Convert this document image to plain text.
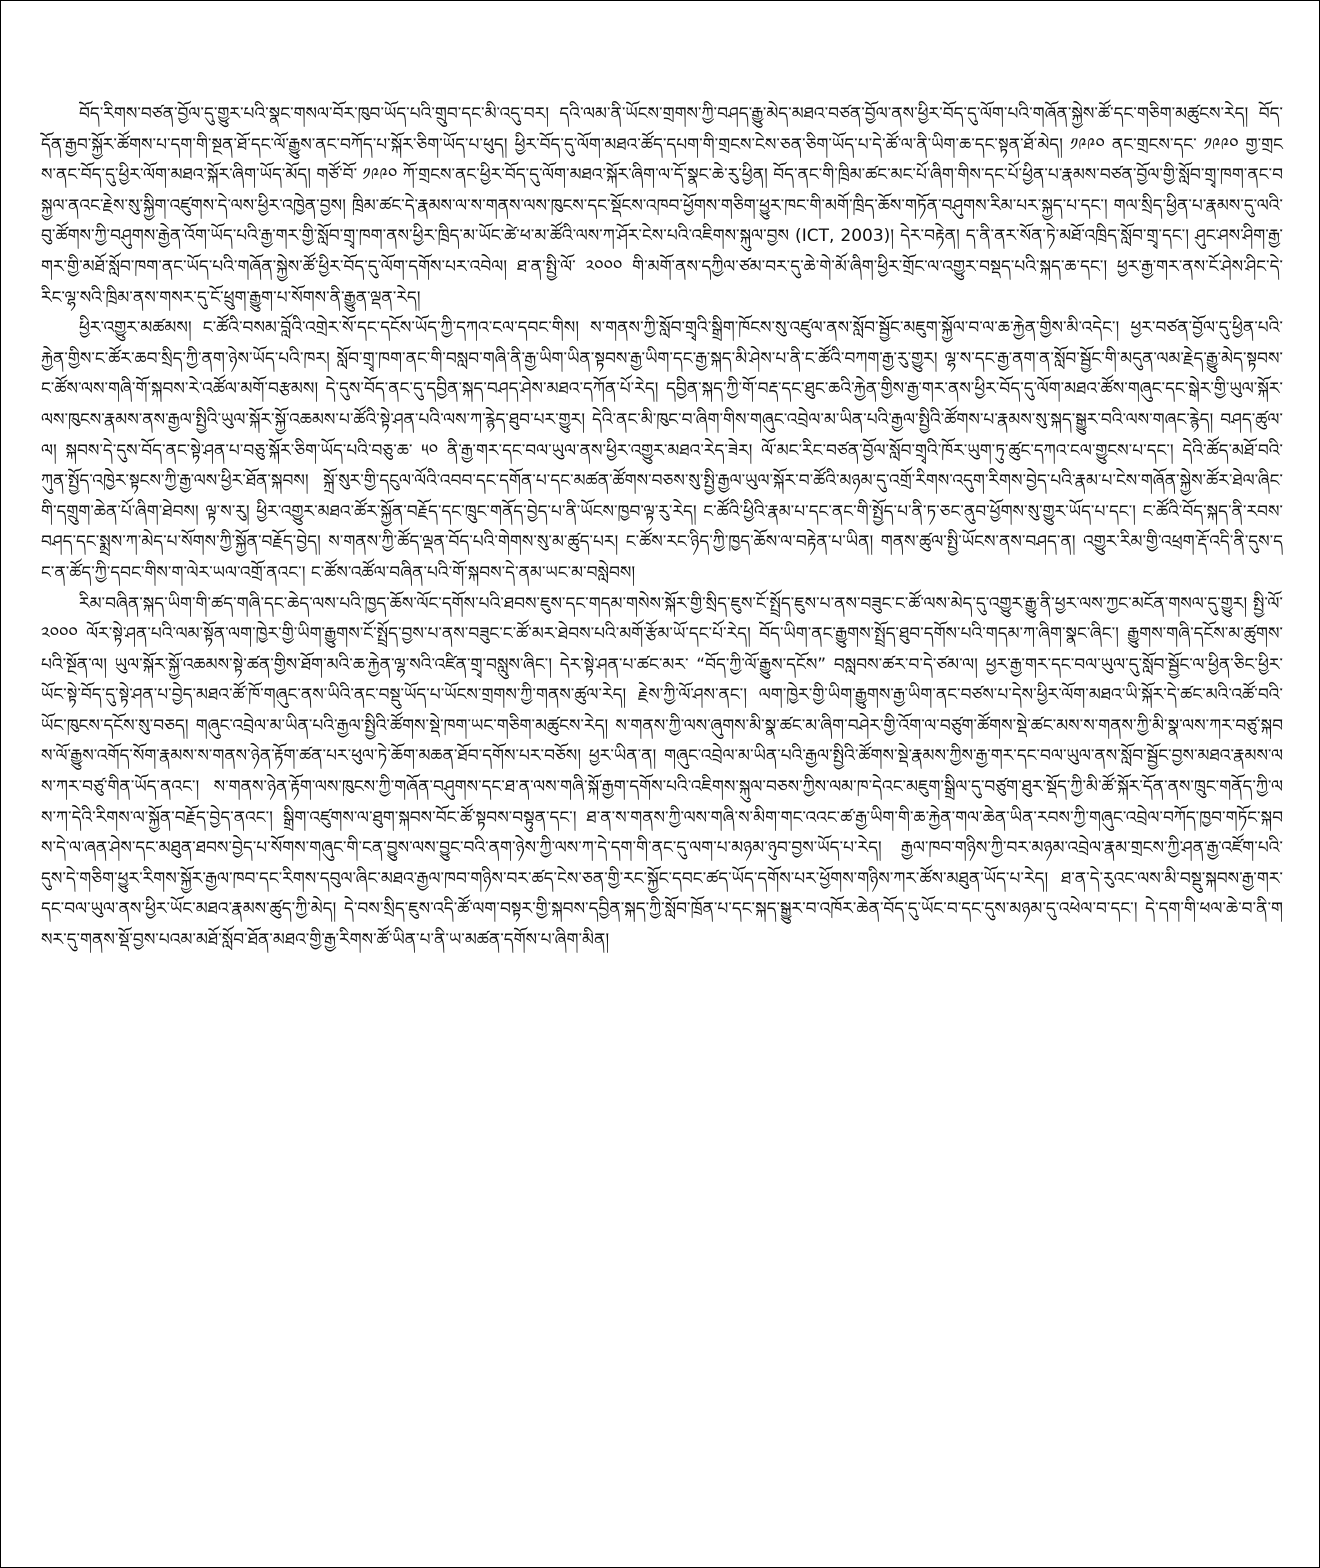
བོད་རིགས་བཙན་བྱོལ་དུ་གྱུར་པའི་སྣང་གསལ་བོར་ཁུབ་ཡོད་པའི་གྲུབ་དང་མི་འདུ་བར། དའི་ལམ་ནི་ཡོངས་གྲགས་ཀྱི་བཤད་རྒྱུ་མེད་མཐའ་བཙན་བྱོལ་ནས་ཕྱིར་བོད་དུ་ལོག་པའི་གཞོན་སྐྱེས་ཚོ་དང་གཅིག་མཚུངས་རེད། བོད་དོན་རྒྱབ་སྐྱོར་ཚོགས་པ་དག་གི་སྔན་ཐོ་དང་ལོ་རྒྱུས་ནང་བཀོད་པ་སྐོར་ཅིག་ཡོད་པ་ཕུད། ཕྱིར་བོད་དུ་ལོག་མཐའ་ཚོད་དཔག་གི་གྲངས་ངེས་ཅན་ཅིག་ཡོད་པ་དེ་ཚོ་ལ་ནི་ཡིག་ཆ་དང་སྟན་ཐོ་མེད། ༡༩༩༠ ནང་གྲངས་དང་ ༡༩༩༠ གྱ་གྲངས་ནང་བོད་དུ་ཕྱིར་ལོག་མཐའ་སྐོར་ཞིག་ཡོད་མོད། གཙོ་བོ་ ༡༩༩༠ ཀོ་གྲངས་ནང་ཕྱིར་བོད་དུ་ལོག་མཐའ་སྐོར་ཞིག་ལ་དོ་སྣང་ཆེ་རུ་ཕྱིན། བོད་ནང་གི་ཁྲིམ་ཚང་མང་པོ་ཞིག་གིས་དང་པོ་ཕྱིན་པ་རྣམས་བཙན་བྱོལ་གྱི་སློབ་གྲྭ་ཁག་ནང་བསྐྱལ་ནའང་རྗེས་སུ་སྐྱིག་འཛུགས་དེ་ལས་ཕྱིར་འཁྱེན་བྱས། ཁྲིམ་ཚང་དེ་རྣམས་ལ་ས་གནས་ལས་ཁུངས་དང་སྡོངས་འཁབ་ཕྱོགས་གཅིག་ཕྱུར་ཁང་གི་མགོ་ཁྲིད་ཆོས་གཏོན་བཤུགས་རིམ་པར་སྐྱད་པ་དང་། གལ་སྲིད་ཕྱིན་པ་རྣམས་དུ་ལའི་བུ་ཚོགས་ཀྱི་བཤུགས་རྒྱེན་འོག་ཡོད་པའི་རྒྱ་གར་གྱི་སློབ་གྲྭ་ཁག་ནས་ཕྱིར་ཁྲིད་མ་ཡོང་ཚེ་ཕ་མ་ཚོའི་ལས་ཀ་ཤོར་ངེས་པའི་འཇིགས་སྐུལ་བྱས (ICT, 2003)། དེར་བརྟེན། ད་ནི་ནར་སོན་ཏེ་མཐོ་འཁྲིད་སློབ་གྲྭ་དང་། ཤུང་ཤས་ཤིག་རྒྱ་གར་གྱི་མཐོ་སློབ་ཁག་ནང་ཡོད་པའི་གཞོན་སྐྱེས་ཚོ་ཕྱིར་བོད་དུ་ལོག་དགོས་པར་འབེལ། ཐ་ན་སྤྱི་ལོ་ ༢༠༠༠ གི་མགོ་ནས་དཀྱིལ་ཙམ་བར་དུ་ཆེ་གེ་མོ་ཞིག་ཕྱིར་གྲོང་ལ་འགྱུར་བསྡད་པའི་སྐད་ཆ་དང་། ཕྱར་རྒྱ་གར་ནས་ངོ་ཤེས་ཤིང་དེ་རིང་ལྷ་སའི་ཁྲིམ་ནས་གསར་དུ་ངོ་ཕྲུག་རྒྱུག་པ་སོགས་ནི་རྒྱུན་ལྡན་རེད།

ཕྱིར་འགྱུར་མཚམས། ང་ཚོའི་བསམ་བློའི་འགྲེར་སོ་དང་དངོས་ཡོད་ཀྱི་དཀའ་ངལ་དབང་གིས། ས་གནས་ཀྱི་སློབ་གྲྭའི་སྒྲིག་ཁོངས་སུ་འཛུལ་ནས་སློབ་སྦྱོང་མཇུག་སྐྱོལ་བ་ལ་ཆ་རྐྱེན་གྱིས་མི་འདེང་། ཕྱར་བཙན་བྱོལ་དུ་ཕྱིན་པའི་རྐྱེན་གྱིས་ང་ཚོར་ཆབ་སྲིད་ཀྱི་ནག་ཉེས་ཡོད་པའི་ཁར། སློབ་གྲྭ་ཁག་ནང་གི་བསླབ་གཞི་ནི་རྒྱ་ཡིག་ཡིན་སྟབས་རྒྱ་ཡིག་དང་རྒྱ་སྐད་མི་ཤེས་པ་ནི་ང་ཚོའི་བཀག་རྒྱ་རུ་གྱུར། ལྷ་ས་དང་རྒྱ་ནག་ན་སློབ་སྦྱོང་གི་མདུན་ལམ་རྗེད་རྒྱུ་མེད་སྟབས་ང་ཚོས་ལས་གཞི་གོ་སྐབས་རེ་འཚོལ་མགོ་བརྩམས། དེ་དུས་བོད་ནང་དུ་དབྱིན་སྐད་བཤད་ཤེས་མཐའ་དཀོན་པོ་རེད། དབྱིན་སྐད་ཀྱི་གོ་བརྡ་དང་ཐུང་ཆའི་རྐྱེན་གྱིས་རྒྱ་གར་ནས་ཕྱིར་བོད་དུ་ལོག་མཐའ་ཚོས་གཞུང་དང་སྒེར་གྱི་ཡུལ་སྐོར་ལས་ཁུངས་རྣམས་ནས་རྒྱལ་སྤྱིའི་ཡུལ་སྐོར་སྐྱོ་འཆམས་པ་ཚོའི་སྟེ་ཤན་པའི་ལས་ཀ་རྙེད་ཐུབ་པར་གྱུར། དེའི་ནང་མི་ཁུང་བ་ཞིག་གིས་གཞུང་འབྲེལ་མ་ཡིན་པའི་རྒྱལ་སྤྱིའི་ཚོགས་པ་རྣམས་སུ་སྐད་སྒྱུར་བའི་ལས་གཞང་རྙེད། བཤད་ཚུལ་ལ། སྐབས་དེ་དུས་བོད་ནང་སྟེ་ཤན་པ་བཅུ་སྐོར་ཅིག་ཡོད་པའི་བཅུ་ཆ་ ༥༠ ནི་རྒྱ་གར་དང་བལ་ཡུལ་ནས་ཕྱིར་འགྱུར་མཐའ་རེད་ཟེར། ལོ་མང་རིང་བཙན་བྱོལ་སློབ་གྲྭའི་ཁོར་ཡུག་ཏུ་ཚུང་དཀའ་ངལ་གྱུངས་པ་དང་། དེའི་ཚོད་མཐོ་བའི་ཀུན་སྤྱོད་འཁྱེར་སྟངས་ཀྱི་རྒྱ་ལས་ཕྱིར་ཐོན་སྐབས། སྐྲོ་སུར་གྱི་དངུལ་ལོའི་འབབ་དང་དགོན་པ་དང་མཚན་ཚོགས་བཅས་སུ་སྤྱི་རྒྱལ་ཡུལ་སྐོར་བ་ཚོའི་མཉམ་དུ་འགྲོ་རིགས་འདུག་རིགས་བྱེད་པའི་རྣམ་པ་ངེས་གཞོན་སྐྱེས་ཚོར་ཐེལ་ཞིང་གི་དགྲུག་ཆེན་པོ་ཞིག་ཐེབས། ལྟ་ས་རུ། ཕྱིར་འགྱུར་མཐའ་ཚོར་སྐྱོན་བརྗོད་དང་ཁྲུང་གནོད་བྱེད་པ་ནི་ཡོངས་ཁྱབ་ལྟ་རུ་རེད། ང་ཚོའི་ཕྱིའི་རྣམ་པ་དང་ནང་གི་སྤྱོད་པ་ནི་ཏ་ཅང་ནུབ་ཕྱོགས་སུ་གྱུར་ཡོད་པ་དང་། ང་ཚོའི་བོད་སྐད་ནི་རབས་བཤད་དང་སྨྲས་ཀ་མེད་པ་སོགས་ཀྱི་སྐྱོན་བརྗོད་བྱེད། ས་གནས་ཀྱི་ཚོད་ལྡན་བོད་པའི་གེགས་སུ་མ་ཚུད་པར། ང་ཚོས་རང་ཉིད་ཀྱི་ཁྱད་ཆོས་ལ་བརྟེན་པ་ཡིན། གནས་ཚུལ་སྤྱི་ཡོངས་ནས་བཤད་ན། འགྱུར་རིམ་གྱི་འཕྲག་རྡོ་འདི་ནི་དུས་དང་ན་ཚོད་ཀྱི་དབང་གིས་ག་ལེར་ཡལ་འགྲོ་ནའང་། ང་ཚོས་འཚོལ་བཞིན་པའི་གོ་སྐབས་དེ་ནམ་ཡང་མ་བསླེབས།

རིམ་བཞིན་སྐད་ཡིག་གི་ཚད་གཞི་དང་ཆེད་ལས་པའི་ཁྱད་ཆོས་ལོང་དགོས་པའི་ཐབས་ཇུས་དང་གདམ་གསེས་སྐོར་གྱི་སྲིད་ཇུས་ངོ་སྤྲོད་ཇུས་པ་ནས་བཟུང་ང་ཚོ་ལས་མེད་དུ་འགྱུར་རྒྱུ་ནི་ཕྱར་ལས་ཀྱང་མངོན་གསལ་དུ་གྱུར། སྤྱི་ལོ་ ༢༠༠༠ ལོར་སྟེ་ཤན་པའི་ལམ་སྟོན་ལག་ཁྱེར་གྱི་ཡིག་རྒྱུགས་ངོ་སྤྲོད་བྱས་པ་ནས་བཟུང་ང་ཚོ་མར་ཐེབས་པའི་མགོ་རྩོམ་ཡོ་དང་པོ་རེད། བོད་ཡིག་ནང་རྒྱུགས་སྤྲོད་ཐུབ་དགོས་པའི་གདམ་ཀ་ཞིག་སྣང་ཞིང་། རྒྱུགས་གཞི་དངོས་མ་ཚུགས་པའི་སྔོན་ལ། ཡུལ་སྐོར་སྐྱོ་འཆམས་སྟེ་ཚན་གྱིས་ཐོག་མའི་ཆ་རྐྱེན་ལྷ་སའི་འཛིན་གྲྭ་བསླུས་ཞིང་། དེར་སྟེ་ཤན་པ་ཚང་མར་ “བོད་ཀྱི་ལོ་རྒྱུས་དངོས” བསླབས་ཚར་བ་དེ་ཙམ་ལ། ཕྱར་རྒྱ་གར་དང་བལ་ཡུལ་དུ་སློབ་སྦྱོང་ལ་ཕྱིན་ཅིང་ཕྱིར་ཡོང་སྟེ་བོད་དུ་སྟེ་ཤན་པ་བྱེད་མཐའ་ཚོ་ཁོ་གཞུང་ནས་ཡིའི་ནང་བསྡུ་ཡོད་པ་ཡོངས་གྲགས་ཀྱི་གནས་ཚུལ་རེད། རྗེས་ཀྱི་ལོ་ཤས་ནང་། ལག་ཁྱེར་གྱི་ཡིག་རྒྱུགས་རྒྱ་ཡིག་ནང་བཙས་པ་དེས་ཕྱིར་ལོག་མཐའ་ཡི་སྐོར་དེ་ཚང་མའི་འཚོ་བའི་ཡོང་ཁུངས་དངོས་སུ་བཅད། གཞུང་འབྲེལ་མ་ཡིན་པའི་རྒྱལ་སྤྱིའི་ཚོགས་སྡེ་ཁག་ཡང་གཅིག་མཚུངས་རེད། ས་གནས་ཀྱི་ལས་ཞུགས་མི་སྣ་ཚང་མ་ཞིག་བཤེར་གྱི་འོག་ལ་བཙུག་ཚོགས་སྡེ་ཚང་མས་ས་གནས་ཀྱི་མི་སྣ་ལས་ཀར་བཙུ་སྐབས་ལོ་རྒྱུས་འགོད་སོག་རྣམས་ས་གནས་ཉེན་རྟོག་ཚན་པར་ཕུལ་ཏེ་ཆོག་མཆན་ཐོབ་དགོས་པར་བཅོས། ཕྱར་ཡིན་ན། གཞུང་འབྲེལ་མ་ཡིན་པའི་རྒྱལ་སྤྱིའི་ཚོགས་སྡེ་རྣམས་ཀྱིས་རྒྱ་གར་དང་བལ་ཡུལ་ནས་སློབ་སྦྱོང་བྱས་མཐའ་རྣམས་ལས་ཀར་བཙུ་གིན་ཡོད་ནའང་། ས་གནས་ཉེན་རྟོག་ལས་ཁུངས་ཀྱི་གཞོན་བཤུགས་དང་ཐ་ན་ལས་གཞི་སྐོ་རྒྱག་དགོས་པའི་འཇིགས་སྐུལ་བཅས་ཀྱིས་ལམ་ཁ་དེའང་མཇུག་སྒྲིལ་དུ་བཙུག་ཐུར་སྡོད་ཀྱི་མི་ཚོ་སྐོར་དོན་ནས་ཁྲུང་གནོད་ཀྱི་ལས་ཀ་དེའི་རིགས་ལ་སྐྱོན་བརྗོད་བྱེད་ནའང་། སྒྲིག་འཛུགས་ལ་ཐུག་སྐབས་བོང་ཚོ་སྟབས་བསྟུན་དང་། ཐ་ན་ས་གནས་ཀྱི་ལས་གཞི་ས་མིག་གང་འའང་ཚ་རྒྱ་ཡིག་གི་ཆ་རྐྱེན་གལ་ཆེན་ཡིན་རབས་ཀྱི་གཞུང་འབྲེལ་བཀོད་ཁྱབ་གཏོང་སྐབས་དེ་ལ་ཞན་ཤེས་དང་མཐུན་ཐབས་བྱེད་པ་སོགས་གཞུང་གི་ངན་བྱུས་ལས་བྱུང་བའི་ནག་ཉེས་ཀྱི་ལས་ཀ་དེ་དག་གི་ནང་དུ་ལག་པ་མཉམ་ཉུབ་བྱས་ཡོད་པ་རེད། རྒྱལ་ཁབ་གཉིས་ཀྱི་བར་མཉམ་འབྲེལ་རྣམ་གྲངས་ཀྱི་ཤན་རྒྱ་འཛོག་པའི་དུས་དེ་གཅིག་ཕྱུར་རིགས་སྐྱོར་རྒྱལ་ཁབ་དང་རིགས་དབུལ་ཞིང་མཐའ་རྒྱལ་ཁབ་གཉིས་བར་ཚད་ངེས་ཅན་གྱི་རང་སྐྱོང་དབང་ཚད་ཡོད་དགོས་པར་ཕྱོགས་གཉིས་ཀར་ཚོས་མཐུན་ཡོད་པ་རེད། ཐ་ན་དེ་རུའང་ལས་མི་བསྡུ་སྐབས་རྒྱ་གར་དང་བལ་ཡུལ་ནས་ཕྱིར་ཡོང་མཐའ་རྣམས་ཚུད་ཀྱི་མེད། དེ་བས་སྲིད་ཇུས་འདི་ཚོ་ལག་བསྟར་གྱི་སྐབས་དབྱིན་སྐད་ཀྱི་སློབ་ཁྲོན་པ་དང་སྐད་སྒྱུར་བ་འཁོར་ཆེན་བོད་དུ་ཡོང་བ་དང་དུས་མཉམ་དུ་འཕེལ་བ་དང་། དེ་དག་གི་ཕལ་ཆེ་བ་ནི་གསར་དུ་གནས་སྡོ་བྱས་པའམ་མཐོ་སློབ་ཐོན་མཐའ་གྱི་རྒྱ་རིགས་ཚོ་ཡིན་པ་ནི་ཡ་མཚན་དགོས་པ་ཞིག་མིན།
